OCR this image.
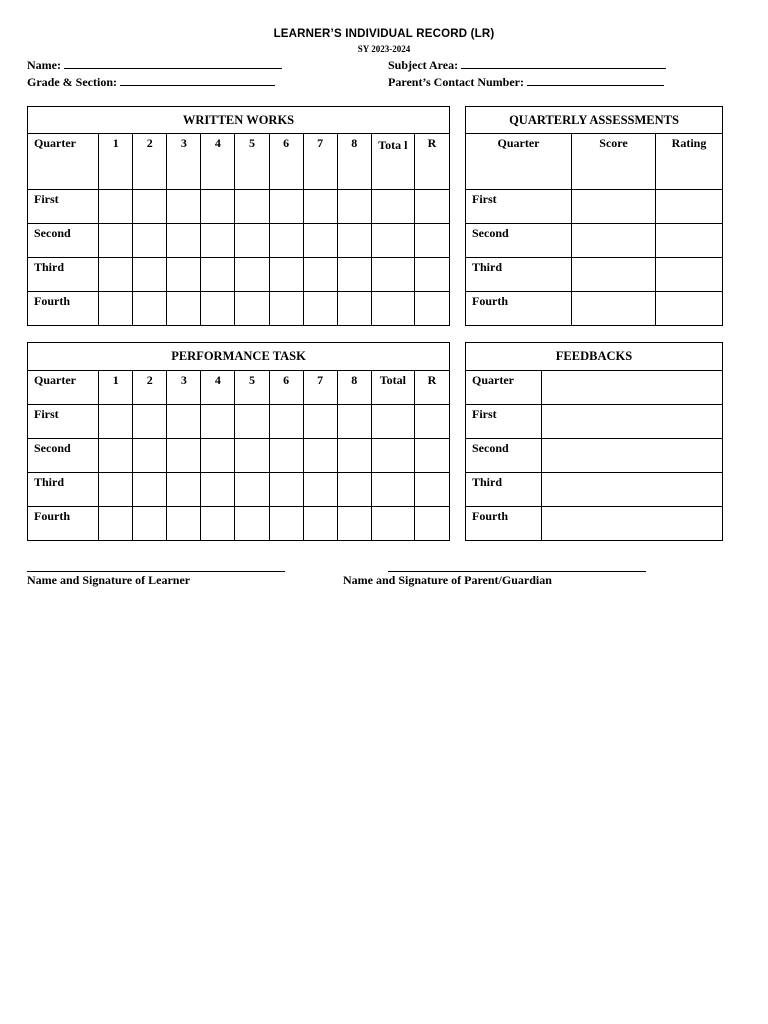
LEARNER’S INDIVIDUAL RECORD (LR)
SY 2023-2024
Name:	Subject Area:
Grade & Section:	Parent’s Contact Number:
WRITTEN WORKS										

Quarter	1	2	3	4	5	6	7	8	Tota l	R

First										

Second										

Third										

Fourth										

QUARTERLY ASSESSMENTS		

Quarter	Score	Rating

First		

Second		

Third		

Fourth		

PERFORMANCE TASK										

Quarter	1	2	3	4	5	6	7	8	Total	R

First										

Second										

Third										

Fourth										

FEEDBACKS	

Quarter	

First	

Second	

Third	

Fourth	

Name and Signature of Learner	Name and Signature of Parent/Guardian
